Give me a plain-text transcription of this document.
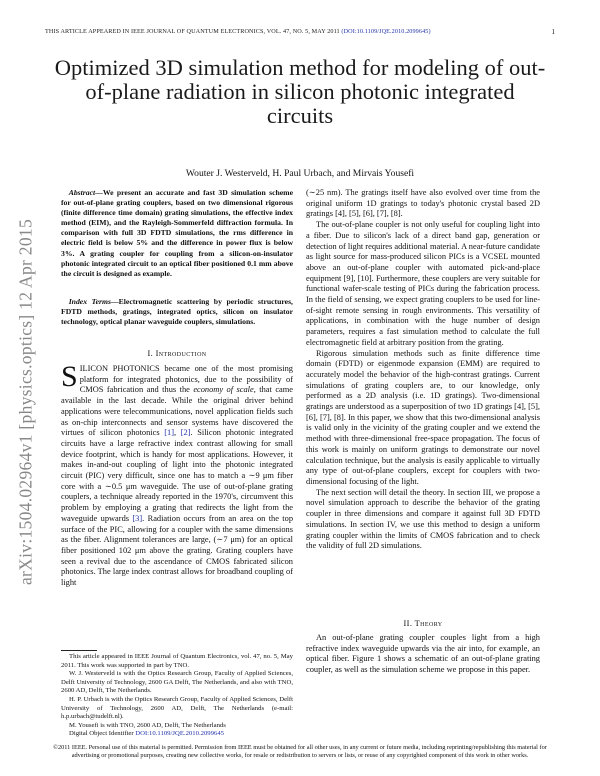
THIS ARTICLE APPEARED IN IEEE JOURNAL OF QUANTUM ELECTRONICS, VOL. 47, NO. 5, MAY 2011 (DOI:10.1109/JQE.2010.2099645)	1
Optimized 3D simulation method for modeling of out-of-plane radiation in silicon photonic integrated circuits
Wouter J. Westerveld, H. Paul Urbach, and Mirvais Yousefi
arXiv:1504.02964v1 [physics.optics] 12 Apr 2015

 Abstract—We present an accurate and fast 3D simulation scheme for out-of-plane grating couplers, based on two dimensional rigorous (finite difference time domain) grating simulations, the effective index method (EIM), and the Rayleigh-Sommerfeld diffraction formula. In comparison with full 3D FDTD simulations, the rms difference in electric field is below 5% and the difference in power flux is below 3%. A grating coupler for coupling from a silicon-on-insulator photonic integrated circuit to an optical fiber positioned 0.1 mm above the circuit is designed as example.

 Index Terms—Electromagnetic scattering by periodic structures, FDTD methods, gratings, integrated optics, silicon on insulator technology, optical planar waveguide couplers, simulations.

I. Introduction

SILICON PHOTONICS became one of the most promising platform for integrated photonics, due to the possibility of CMOS fabrication and thus the economy of scale, that came available in the last decade. While the original driver behind applications were telecommunications, novel application fields such as on-chip interconnects and sensor systems have discovered the virtues of silicon photonics [1], [2]. Silicon photonic integrated circuits have a large refractive index contrast allowing for small device footprint, which is handy for most applications. However, it makes in-and-out coupling of light into the photonic integrated circuit (PIC) very difficult, since one has to match a ∼9 μm fiber core with a ∼0.5 μm waveguide. The use of out-of-plane grating couplers, a technique already reported in the 1970's, circumvent this problem by employing a grating that redirects the light from the waveguide upwards [3]. Radiation occurs from an area on the top surface of the PIC, allowing for a coupler with the same dimensions as the fiber. Alignment tolerances are large, (∼7 μm) for an optical fiber positioned 102 μm above the grating. Grating couplers have seen a revival due to the ascendance of CMOS fabricated silicon photonics. The large index contrast allows for broadband coupling of light

This article appeared in IEEE Journal of Quantum Electronics, vol. 47, no. 5, May 2011. This work was supported in part by TNO.

W. J. Westerveld is with the Optics Research Group, Faculty of Applied Sciences, Delft University of Technology, 2600 GA Delft, The Netherlands, and also with TNO, 2600 AD, Delft, The Netherlands.

H. P. Urbach is with the Optics Research Group, Faculty of Applied Sciences, Delft University of Technology, 2600 AD, Delft, The Netherlands (e-mail: h.p.urbach@tudelft.nl).

M. Yousefi is with TNO, 2600 AD, Delft, The Netherlands

Digital Object Identifier DOI:10.1109/JQE.2010.2099645

(∼25 nm). The gratings itself have also evolved over time from the original uniform 1D gratings to today's photonic crystal based 2D gratings [4], [5], [6], [7], [8].

The out-of-plane coupler is not only useful for coupling light into a fiber. Due to silicon's lack of a direct band gap, generation or detection of light requires additional material. A near-future candidate as light source for mass-produced silicon PICs is a VCSEL mounted above an out-of-plane coupler with automated pick-and-place equipment [9], [10]. Furthermore, these couplers are very suitable for functional wafer-scale testing of PICs during the fabrication process. In the field of sensing, we expect grating couplers to be used for line-of-sight remote sensing in rough environments. This versatility of applications, in combination with the huge number of design parameters, requires a fast simulation method to calculate the full electromagnetic field at arbitrary position from the grating.

Rigorous simulation methods such as finite difference time domain (FDTD) or eigenmode expansion (EMM) are required to accurately model the behavior of the high-contrast gratings. Current simulations of grating couplers are, to our knowledge, only performed as a 2D analysis (i.e. 1D gratings). Two-dimensional gratings are understood as a superposition of two 1D gratings [4], [5], [6], [7], [8]. In this paper, we show that this two-dimensional analysis is valid only in the vicinity of the grating coupler and we extend the method with three-dimensional free-space propagation. The focus of this work is mainly on uniform gratings to demonstrate our novel calculation technique, but the analysis is easily applicable to virtually any type of out-of-plane couplers, except for couplers with two-dimensional focusing of the light.

The next section will detail the theory. In section III, we propose a novel simulation approach to describe the behavior of the grating coupler in three dimensions and compare it against full 3D FDTD simulations. In section IV, we use this method to design a uniform grating coupler within the limits of CMOS fabrication and to check the validity of full 2D simulations.

II. Theory

An out-of-plane grating coupler couples light from a high refractive index waveguide upwards via the air into, for example, an optical fiber. Figure 1 shows a schematic of an out-of-plane grating coupler, as well as the simulation scheme we propose in this paper.

©2011 IEEE. Personal use of this material is permitted. Permission from IEEE must be obtained for all other uses, in any current or future media, including reprinting/republishing this material for advertising or promotional purposes, creating new collective works, for resale or redistribution to servers or lists, or reuse of any copyrighted component of this work in other works.
